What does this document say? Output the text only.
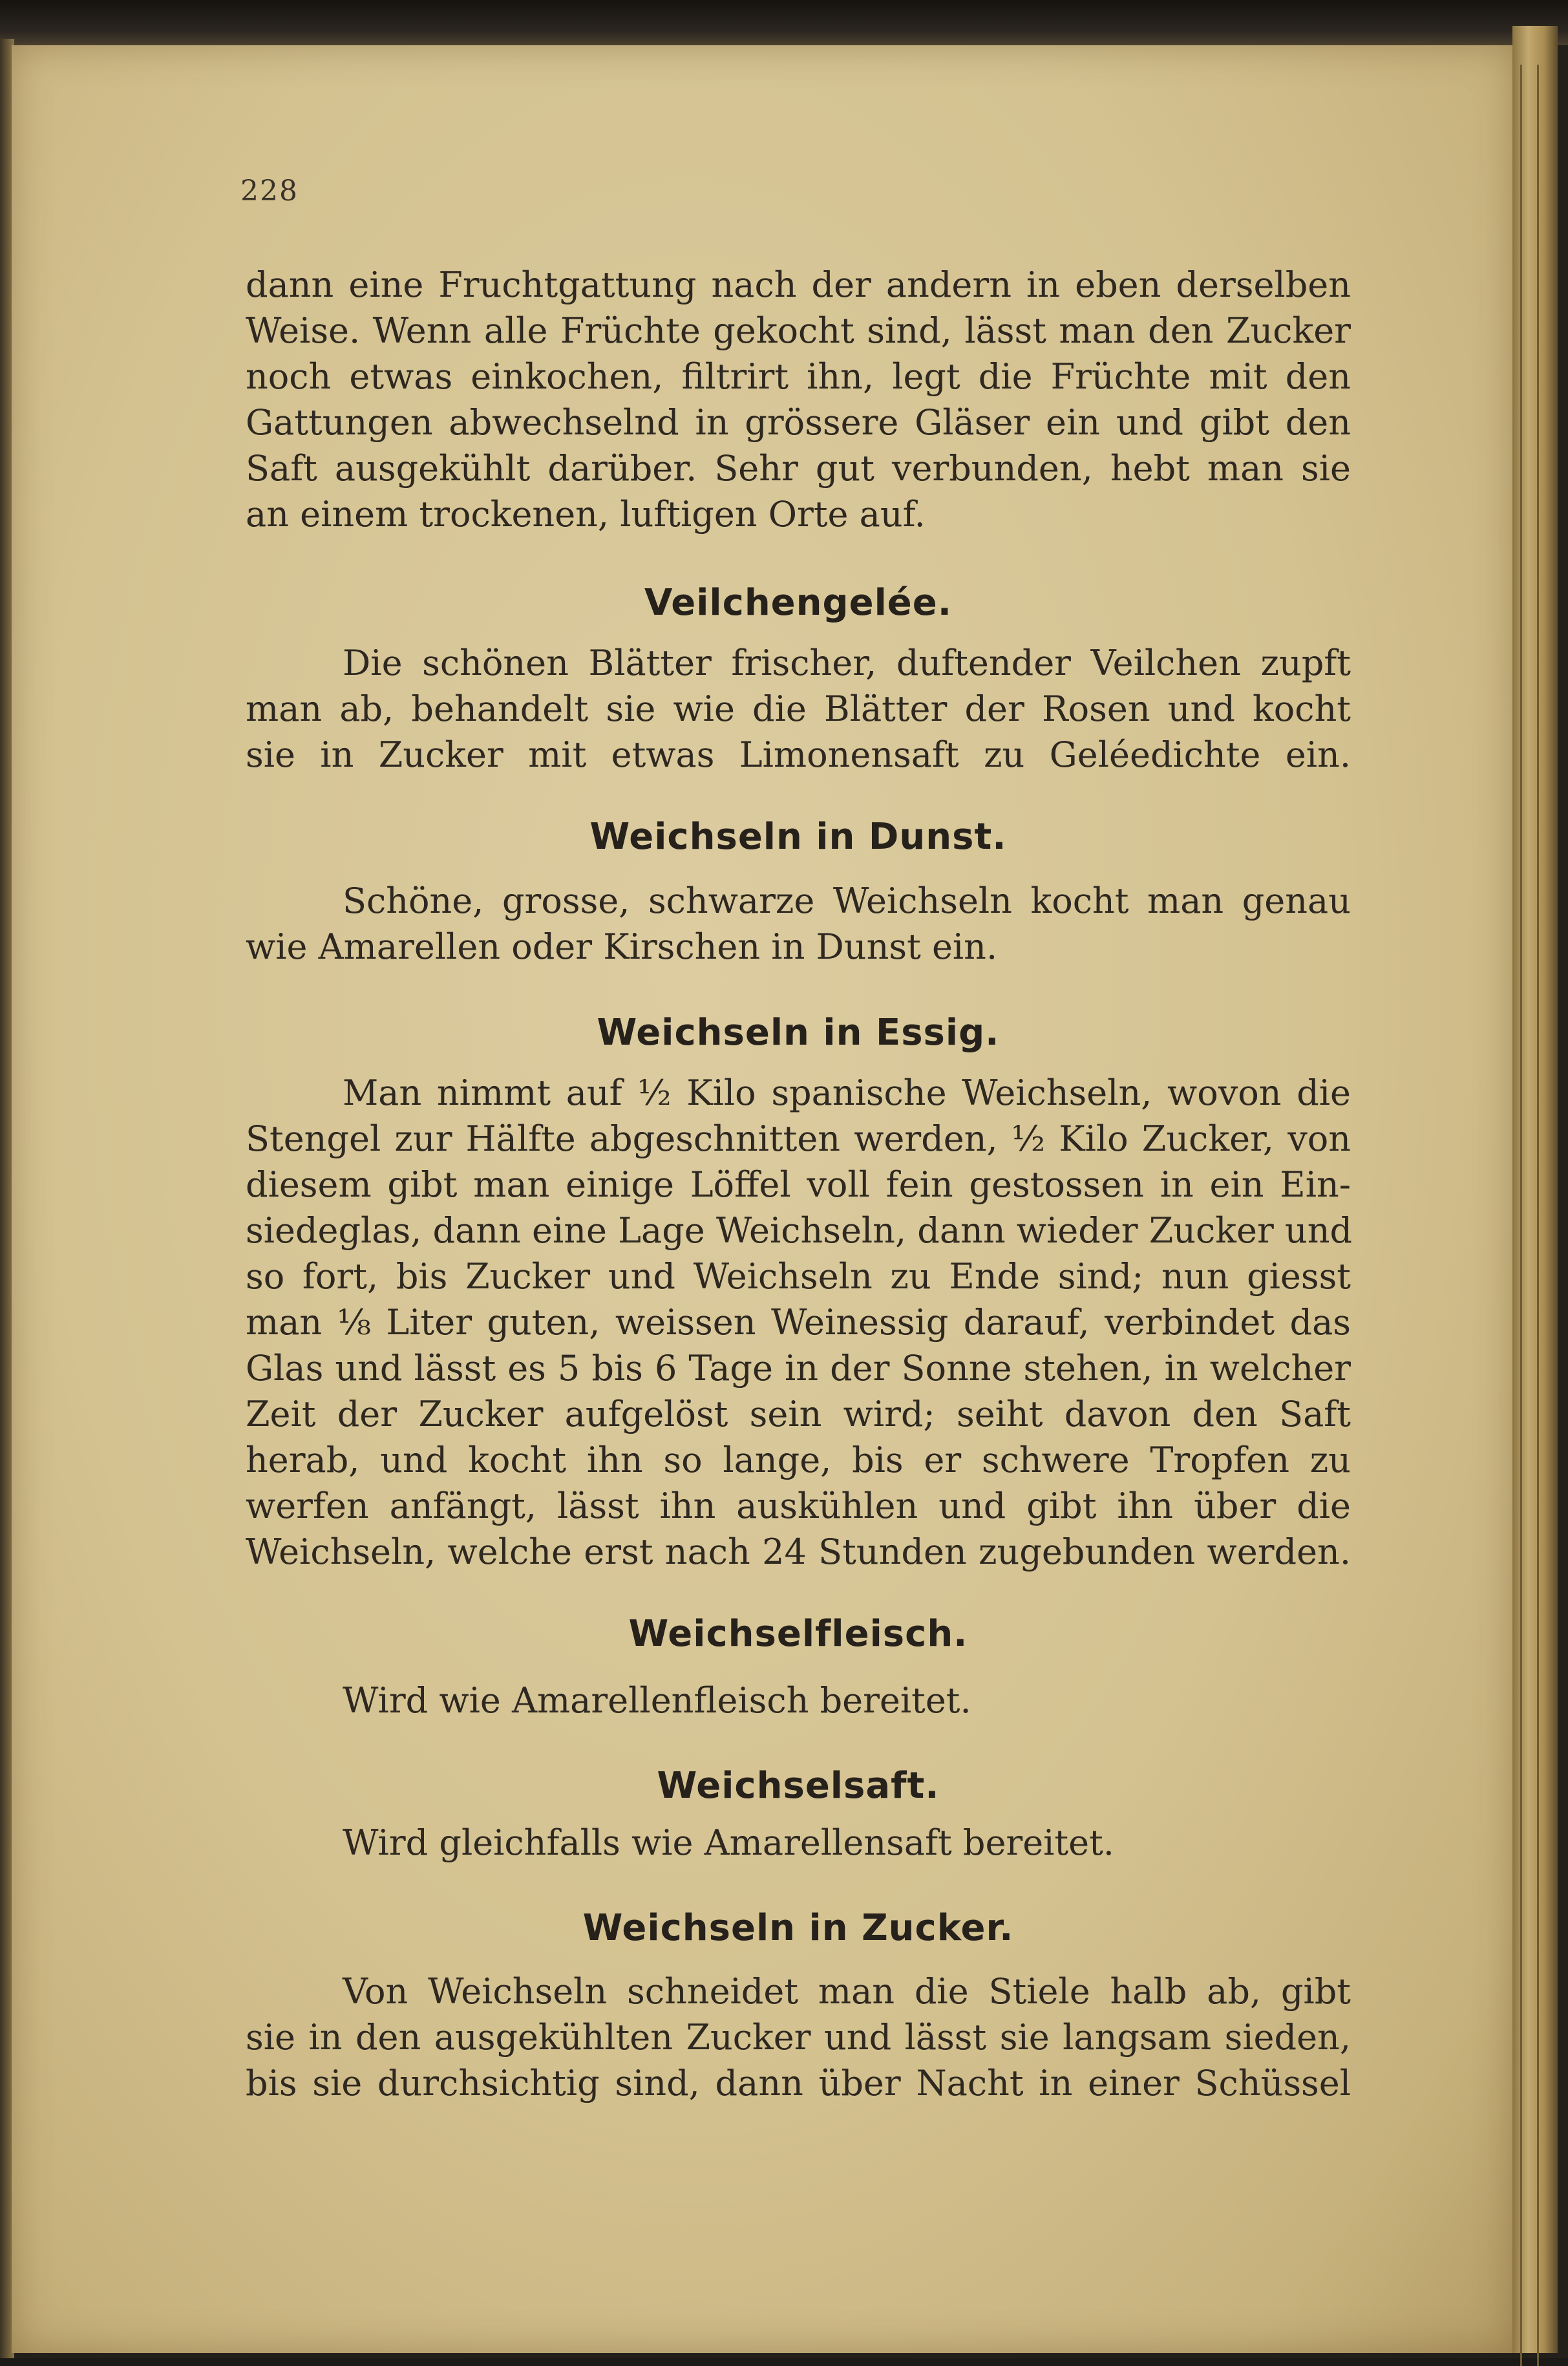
228
dann eine Fruchtgattung nach der andern in eben derselben
Weise. Wenn alle Früchte gekocht sind, lässt man den Zucker
noch etwas einkochen, filtrirt ihn, legt die Früchte mit den
Gattungen abwechselnd in grössere Gläser ein und gibt den
Saft ausgekühlt darüber. Sehr gut verbunden, hebt man sie
an einem trockenen, luftigen Orte auf.
Veilchengelée.
Die schönen Blätter frischer, duftender Veilchen zupft
man ab, behandelt sie wie die Blätter der Rosen und kocht
sie in Zucker mit etwas Limonensaft zu Geléedichte ein.
Weichseln in Dunst.
Schöne, grosse, schwarze Weichseln kocht man genau
wie Amarellen oder Kirschen in Dunst ein.
Weichseln in Essig.
Man nimmt auf ½ Kilo spanische Weichseln, wovon die
Stengel zur Hälfte abgeschnitten werden, ½ Kilo Zucker, von
diesem gibt man einige Löffel voll fein gestossen in ein Ein-
siedeglas, dann eine Lage Weichseln, dann wieder Zucker und
so fort, bis Zucker und Weichseln zu Ende sind; nun giesst
man ⅛ Liter guten, weissen Weinessig darauf, verbindet das
Glas und lässt es 5 bis 6 Tage in der Sonne stehen, in welcher
Zeit der Zucker aufgelöst sein wird; seiht davon den Saft
herab, und kocht ihn so lange, bis er schwere Tropfen zu
werfen anfängt, lässt ihn auskühlen und gibt ihn über die
Weichseln, welche erst nach 24 Stunden zugebunden werden.
Weichselfleisch.
Wird wie Amarellenfleisch bereitet.
Weichselsaft.
Wird gleichfalls wie Amarellensaft bereitet.
Weichseln in Zucker.
Von Weichseln schneidet man die Stiele halb ab, gibt
sie in den ausgekühlten Zucker und lässt sie langsam sieden,
bis sie durchsichtig sind, dann über Nacht in einer Schüssel
